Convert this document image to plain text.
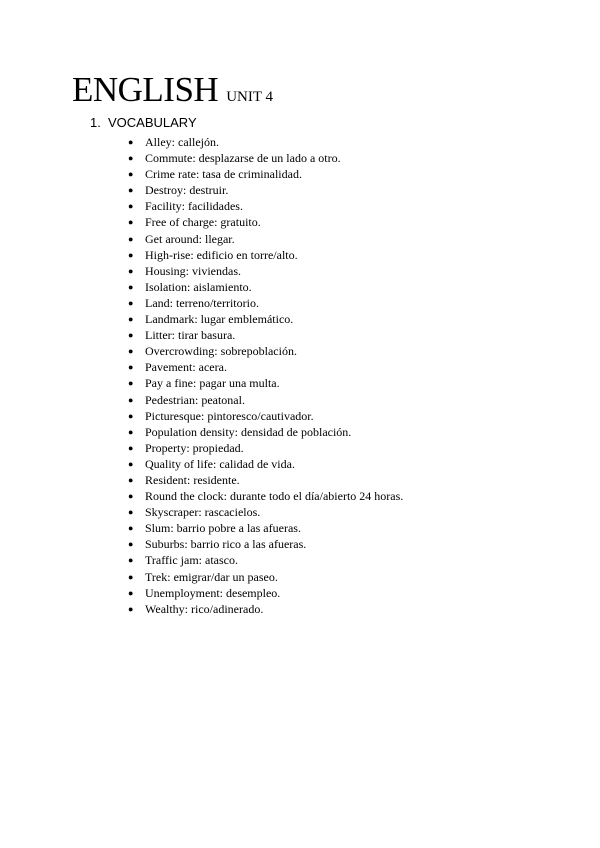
ENGLISH UNIT 4
1. VOCABULARY
● Alley: callejón.
● Commute: desplazarse de un lado a otro.
● Crime rate: tasa de criminalidad.
● Destroy: destruir.
● Facility: facilidades.
● Free of charge: gratuito.
● Get around: llegar.
● High-rise: edificio en torre/alto.
● Housing: viviendas.
● Isolation: aislamiento.
● Land: terreno/territorio.
● Landmark: lugar emblemático.
● Litter: tirar basura.
● Overcrowding: sobrepoblación.
● Pavement: acera.
● Pay a fine: pagar una multa.
● Pedestrian: peatonal.
● Picturesque: pintoresco/cautivador.
● Population density: densidad de población.
● Property: propiedad.
● Quality of life: calidad de vida.
● Resident: residente.
● Round the clock: durante todo el día/abierto 24 horas.
● Skyscraper: rascacielos.
● Slum: barrio pobre a las afueras.
● Suburbs: barrio rico a las afueras.
● Traffic jam: atasco.
● Trek: emigrar/dar un paseo.
● Unemployment: desempleo.
● Wealthy: rico/adinerado.
